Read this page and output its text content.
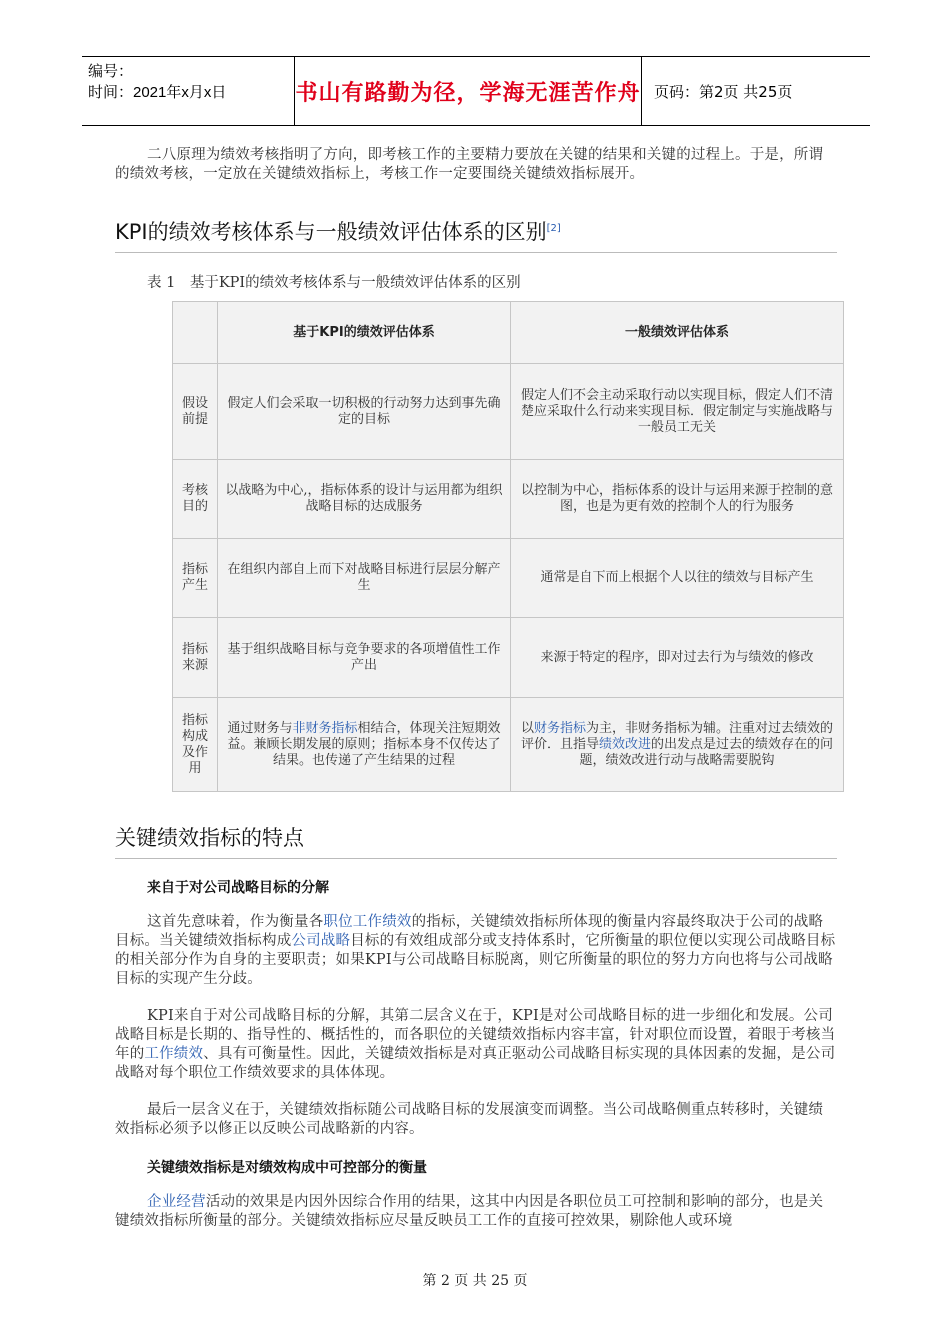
编号：
时间：2021年x月x日	书山有路勤为径，学海无涯苦作舟 页码：第2页 共25页

二八原理为绩效考核指明了方向，即考核工作的主要精力要放在关键的结果和关键的过程上。于是，所谓的绩效考核，一定放在关键绩效指标上，考核工作一定要围绕关键绩效指标展开。

KPI的绩效考核体系与一般绩效评估体系的区别[2]
表 1　基于KPI的绩效考核体系与一般绩效评估体系的区别
	基于KPI的绩效评估体系	一般绩效评估体系
假设前提	假定人们会采取一切积极的行动努力达到事先确定的目标	假定人们不会主动采取行动以实现目标，假定人们不清楚应采取什么行动来实现目标．假定制定与实施战略与一般员工无关
考核目的	以战略为中心,，指标体系的设计与运用都为组织战略目标的达成服务	以控制为中心，指标体系的设计与运用来源于控制的意图，也是为更有效的控制个人的行为服务
指标产生	在组织内部自上而下对战略目标进行层层分解产生	通常是自下而上根据个人以往的绩效与目标产生
指标来源	基于组织战略目标与竞争要求的各项增值性工作产出	来源于特定的程序，即对过去行为与绩效的修改
指标构成及作用	通过财务与非财务指标相结合，体现关注短期效益。兼顾长期发展的原则；指标本身不仅传达了结果。也传递了产生结果的过程	以财务指标为主，非财务指标为辅。注重对过去绩效的评价．且指导绩效改进的出发点是过去的绩效存在的问题，绩效改进行动与战略需要脱钩
关键绩效指标的特点
来自于对公司战略目标的分解

这首先意味着，作为衡量各职位工作绩效的指标，关键绩效指标所体现的衡量内容最终取决于公司的战略目标。当关键绩效指标构成公司战略目标的有效组成部分或支持体系时，它所衡量的职位便以实现公司战略目标的相关部分作为自身的主要职责；如果KPI与公司战略目标脱离，则它所衡量的职位的努力方向也将与公司战略目标的实现产生分歧。

KPI来自于对公司战略目标的分解，其第二层含义在于，KPI是对公司战略目标的进一步细化和发展。公司战略目标是长期的、指导性的、概括性的，而各职位的关键绩效指标内容丰富，针对职位而设置，着眼于考核当年的工作绩效、具有可衡量性。因此，关键绩效指标是对真正驱动公司战略目标实现的具体因素的发掘，是公司战略对每个职位工作绩效要求的具体体现。

最后一层含义在于，关键绩效指标随公司战略目标的发展演变而调整。当公司战略侧重点转移时，关键绩效指标必须予以修正以反映公司战略新的内容。

关键绩效指标是对绩效构成中可控部分的衡量

企业经营活动的效果是内因外因综合作用的结果，这其中内因是各职位员工可控制和影响的部分，也是关键绩效指标所衡量的部分。关键绩效指标应尽量反映员工工作的直接可控效果，剔除他人或环境

第 2 页 共 25 页
